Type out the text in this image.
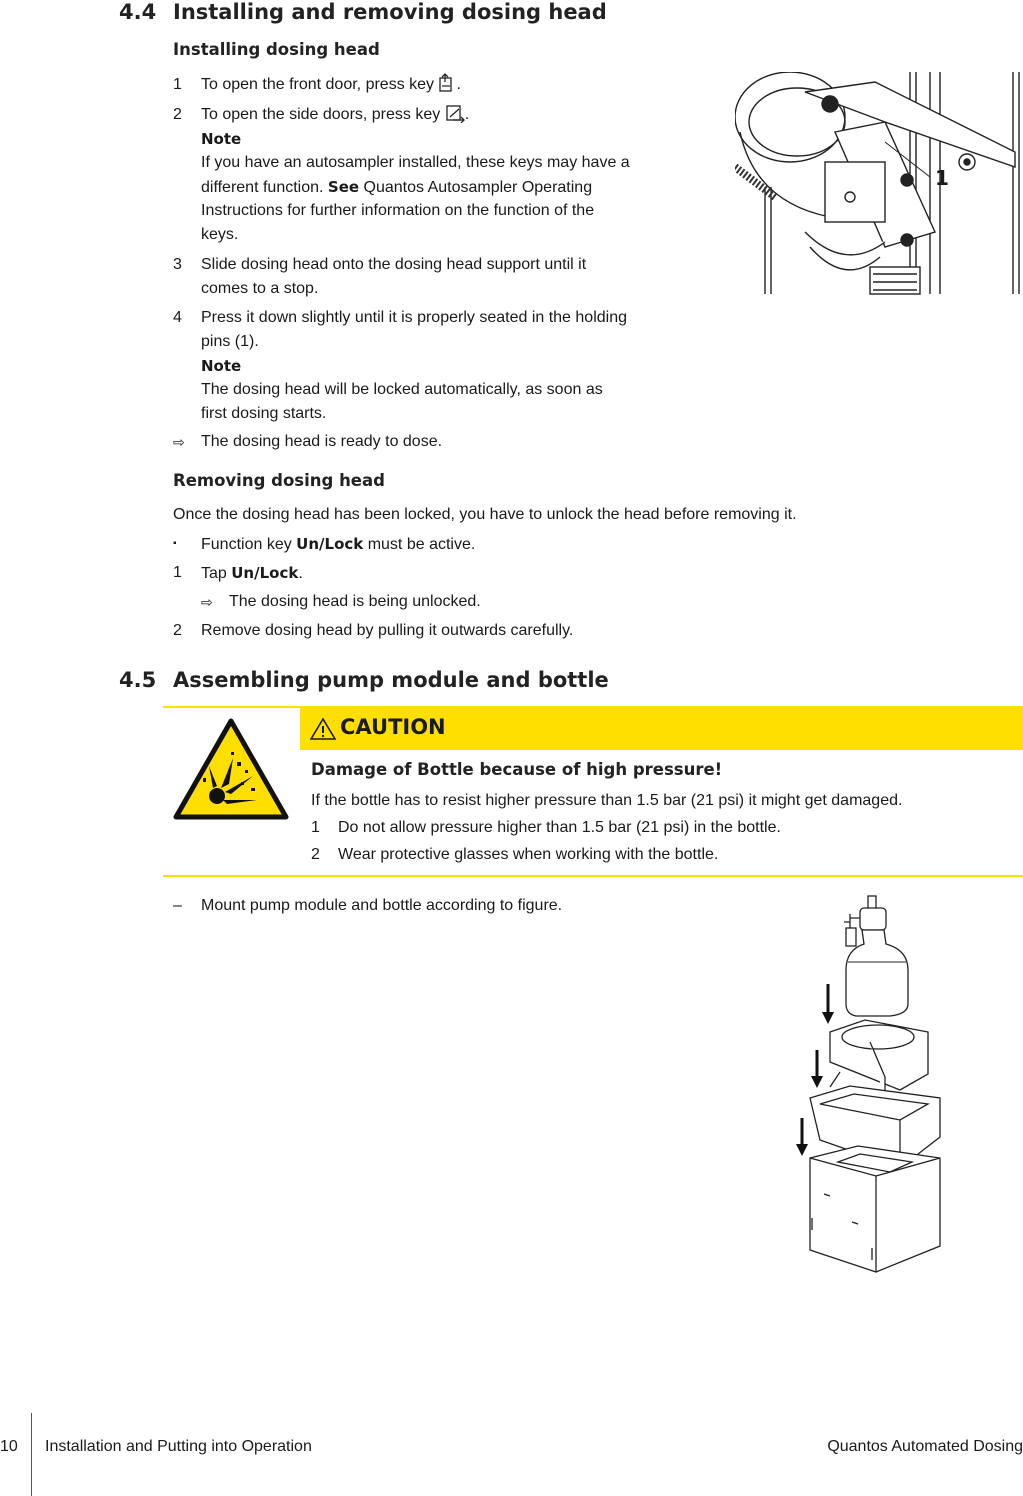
4.4 Installing and removing dosing head
Installing dosing head
1	To open the front door, press key .
2	To open the side doors, press key .
Note
If you have an autosampler installed, these keys may have a
different function. See Quantos Autosampler Operating
Instructions for further information on the function of the
keys.
3	Slide dosing head onto the dosing head support until it
comes to a stop.
4	Press it down slightly until it is properly seated in the holding
pins (1).
Note
The dosing head will be locked automatically, as soon as
first dosing starts.
⇨	The dosing head is ready to dose.
1
Removing dosing head
Once the dosing head has been locked, you have to unlock the head before removing it.
▪	Function key Un/Lock must be active.
1	Tap Un/Lock.
⇨	The dosing head is being unlocked.
2	Remove dosing head by pulling it outwards carefully.
4.5 Assembling pump module and bottle
CAUTION
Damage of Bottle because of high pressure!
If the bottle has to resist higher pressure than 1.5 bar (21 psi) it might get damaged.
1	Do not allow pressure higher than 1.5 bar (21 psi) in the bottle.
2	Wear protective glasses when working with the bottle.
–	Mount pump module and bottle according to figure.
10 Installation and Putting into Operation	Quantos Automated Dosing
